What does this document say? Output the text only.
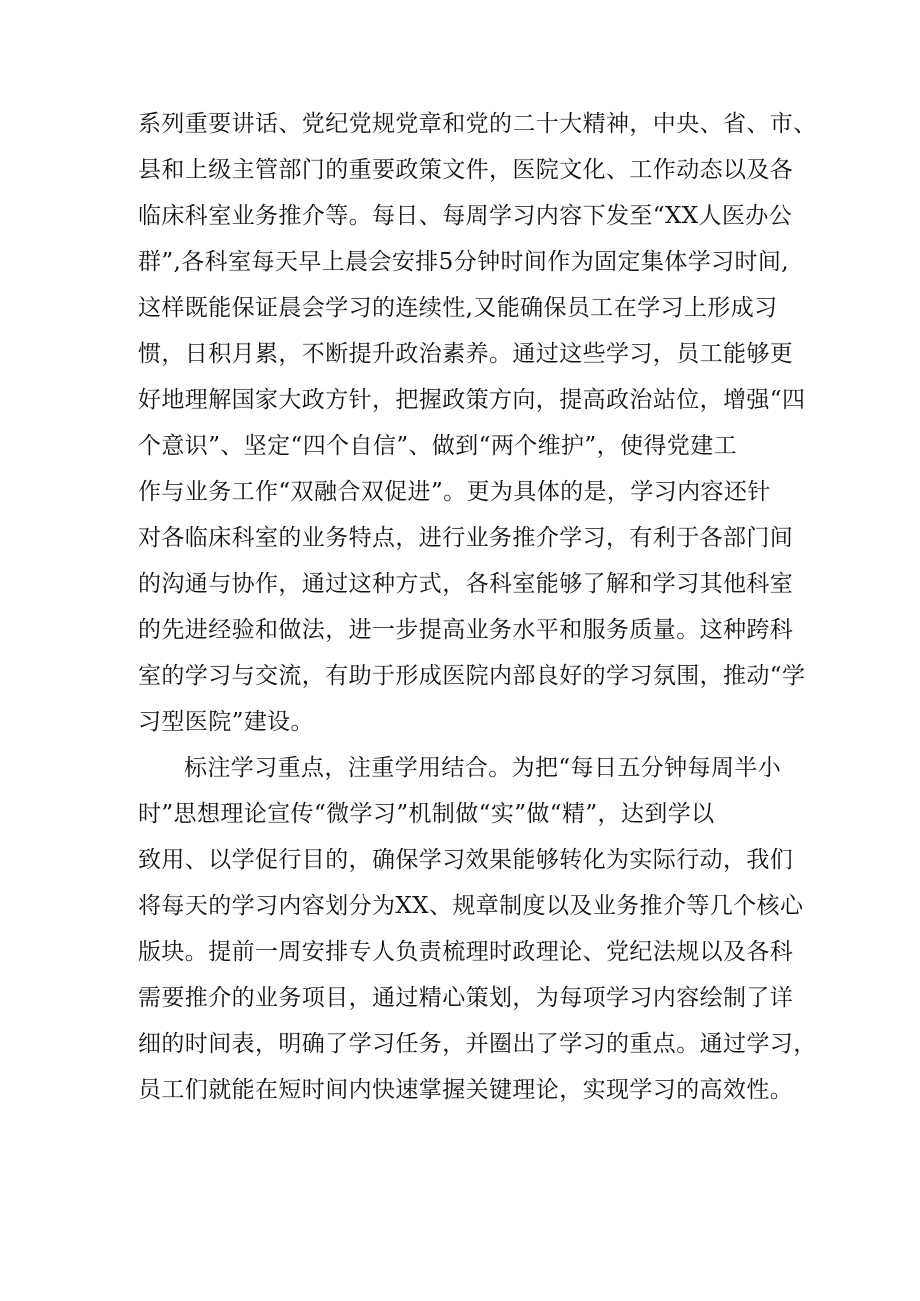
系列重要讲话、党纪党规党章和党的二十大精神，中央、省、市、
县和上级主管部门的重要政策文件，医院文化、工作动态以及各
临床科室业务推介等。每日、每周学习内容下发至“XX人医办公
群”,各科室每天早上晨会安排5分钟时间作为固定集体学习时间,
这样既能保证晨会学习的连续性,又能确保员工在学习上形成习
惯，日积月累，不断提升政治素养。通过这些学习，员工能够更
好地理解国家大政方针，把握政策方向，提高政治站位，增强“四
个意识”、坚定“四个自信”、做到“两个维护”，使得党建工
作与业务工作“双融合双促进”。更为具体的是，学习内容还针
对各临床科室的业务特点，进行业务推介学习，有利于各部门间
的沟通与协作，通过这种方式，各科室能够了解和学习其他科室
的先进经验和做法，进一步提高业务水平和服务质量。这种跨科
室的学习与交流，有助于形成医院内部良好的学习氛围，推动“学
习型医院”建设。
标注学习重点，注重学用结合。为把“每日五分钟每周半小
时”思想理论宣传“微学习”机制做“实”做“精”，达到学以
致用、以学促行目的，确保学习效果能够转化为实际行动，我们
将每天的学习内容划分为XX、规章制度以及业务推介等几个核心
版块。提前一周安排专人负责梳理时政理论、党纪法规以及各科
需要推介的业务项目，通过精心策划，为每项学习内容绘制了详
细的时间表，明确了学习任务，并圈出了学习的重点。通过学习，
员工们就能在短时间内快速掌握关键理论，实现学习的高效性。
